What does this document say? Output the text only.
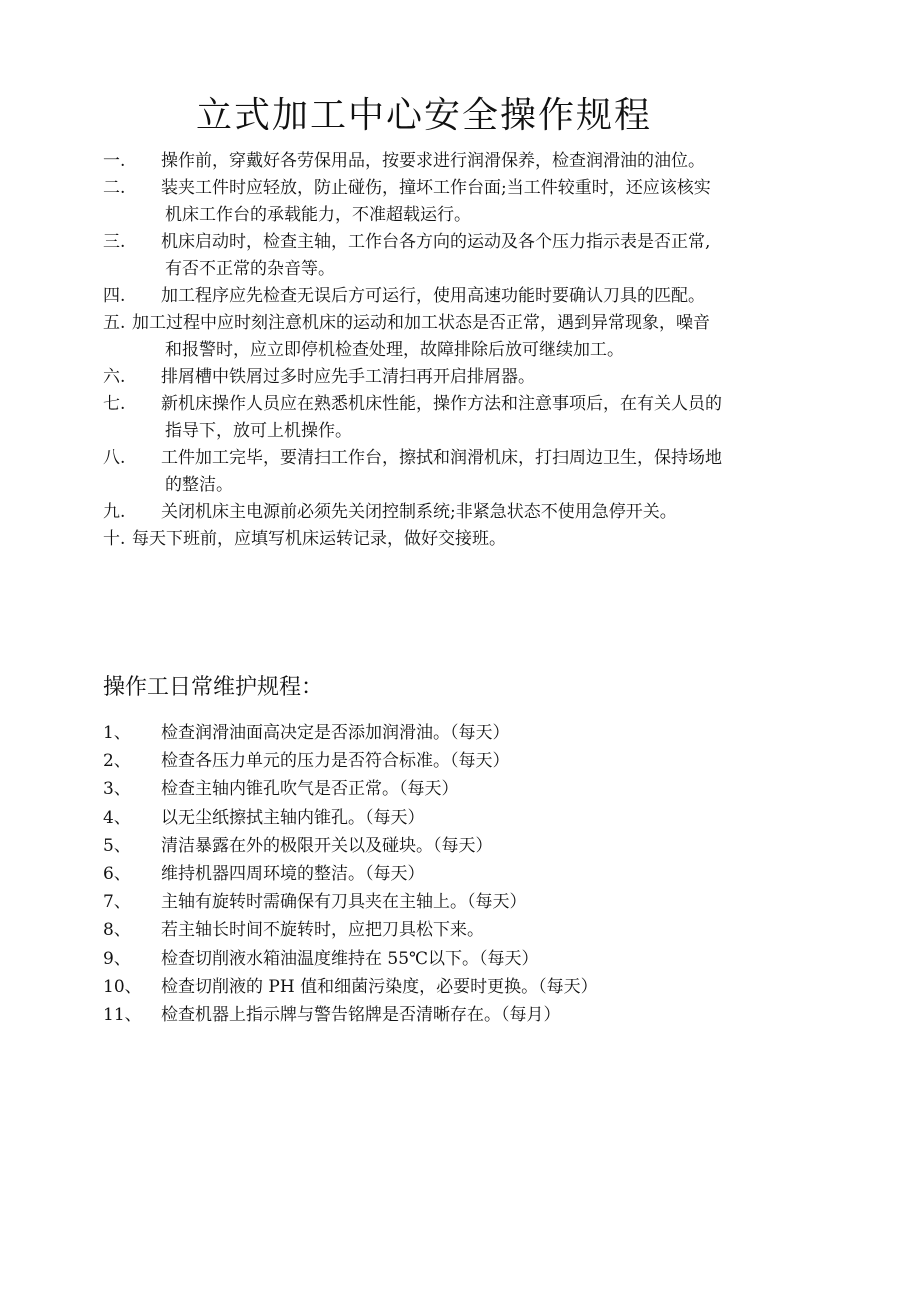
立式加工中心安全操作规程
一. 操作前，穿戴好各劳保用品，按要求进行润滑保养，检查润滑油的油位。
二. 装夹工件时应轻放，防止碰伤，撞坏工作台面;当工件较重时，还应该核实
机床工作台的承载能力，不准超载运行。
三. 机床启动时，检查主轴，工作台各方向的运动及各个压力指示表是否正常,
有否不正常的杂音等。
四. 加工程序应先检查无误后方可运行，使用高速功能时要确认刀具的匹配。
五. 加工过程中应时刻注意机床的运动和加工状态是否正常，遇到异常现象，噪音
和报警时，应立即停机检查处理，故障排除后放可继续加工。
六. 排屑槽中铁屑过多时应先手工清扫再开启排屑器。
七. 新机床操作人员应在熟悉机床性能，操作方法和注意事项后，在有关人员的
指导下，放可上机操作。
八. 工件加工完毕，要清扫工作台，擦拭和润滑机床，打扫周边卫生，保持场地
的整洁。
九. 关闭机床主电源前必须先关闭控制系统;非紧急状态不使用急停开关。
十. 每天下班前，应填写机床运转记录，做好交接班。
操作工日常维护规程：
1、 检查润滑油面高决定是否添加润滑油。（每天）
2、 检查各压力单元的压力是否符合标准。（每天）
3、 检查主轴内锥孔吹气是否正常。（每天）
4、 以无尘纸擦拭主轴内锥孔。（每天）
5、 清洁暴露在外的极限开关以及碰块。（每天）
6、 维持机器四周环境的整洁。（每天）
7、 主轴有旋转时需确保有刀具夹在主轴上。（每天）
8、 若主轴长时间不旋转时，应把刀具松下来。
9、 检查切削液水箱油温度维持在 55℃以下。（每天）
10、 检查切削液的 PH 值和细菌污染度，必要时更换。（每天）
11、 检查机器上指示牌与警告铭牌是否清晰存在。（每月）
